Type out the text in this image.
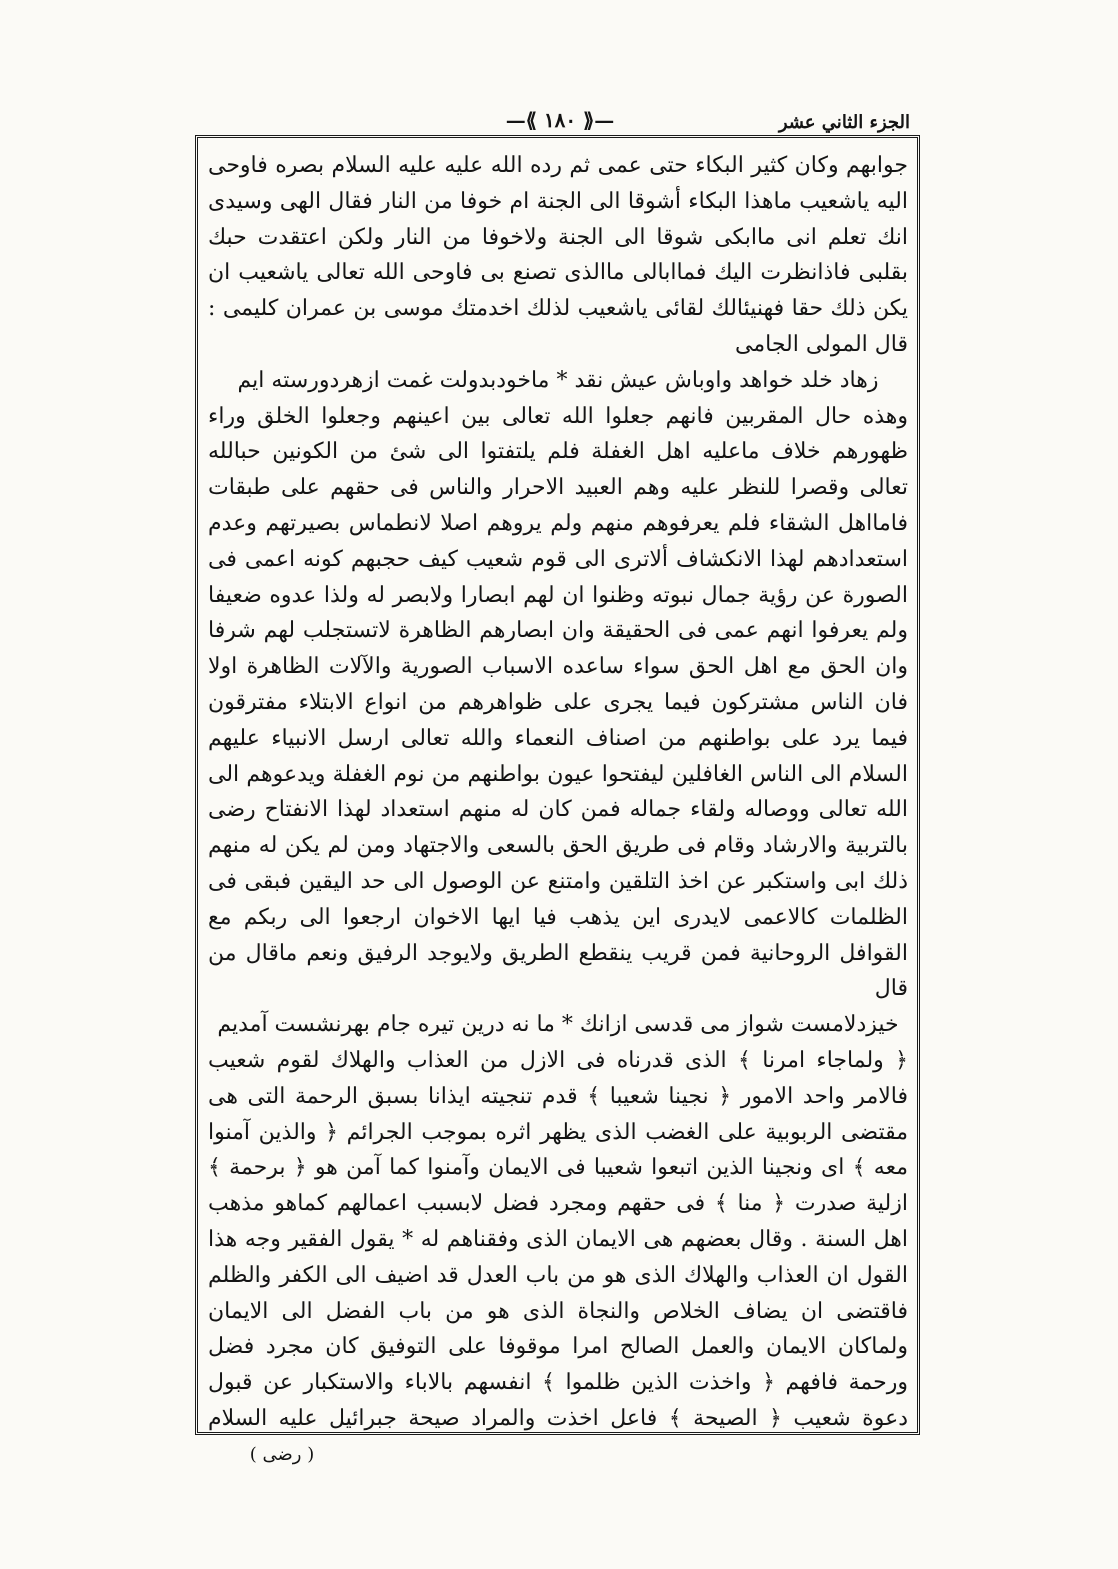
الجزء الثاني عشر
—⟪ ١٨٠ ⟫—

جوابهم وكان كثير البكاء حتى عمى ثم رده الله عليه عليه السلام بصره فاوحى اليه ياشعيب ماهذا البكاء أشوقا الى الجنة ام خوفا من النار فقال الهى وسيدى انك تعلم انى ماابكى شوقا الى الجنة ولاخوفا من النار ولكن اعتقدت حبك بقلبى فاذانظرت اليك فماابالى ماالذى تصنع بى فاوحى الله تعالى ياشعيب ان يكن ذلك حقا فهنيئالك لقائى ياشعيب لذلك اخدمتك موسى بن عمران كليمى : قال المولى الجامى

زهاد خلد خواهد واوباش عيش نقد * ماخودبدولت غمت ازهردورسته ايم

وهذه حال المقربين فانهم جعلوا الله تعالى بين اعينهم وجعلوا الخلق وراء ظهورهم خلاف ماعليه اهل الغفلة فلم يلتفتوا الى شئ من الكونين حبالله تعالى وقصرا للنظر عليه وهم العبيد الاحرار والناس فى حقهم على طبقات فامااهل الشقاء فلم يعرفوهم منهم ولم يروهم اصلا لانطماس بصيرتهم وعدم استعدادهم لهذا الانكشاف ألاترى الى قوم شعيب كيف حجبهم كونه اعمى فى الصورة عن رؤية جمال نبوته وظنوا ان لهم ابصارا ولابصر له ولذا عدوه ضعيفا ولم يعرفوا انهم عمى فى الحقيقة وان ابصارهم الظاهرة لاتستجلب لهم شرفا وان الحق مع اهل الحق سواء ساعده الاسباب الصورية والآلات الظاهرة اولا فان الناس مشتركون فيما يجرى على ظواهرهم من انواع الابتلاء مفترقون فيما يرد على بواطنهم من اصناف النعماء والله تعالى ارسل الانبياء عليهم السلام الى الناس الغافلين ليفتحوا عيون بواطنهم من نوم الغفلة ويدعوهم الى الله تعالى ووصاله ولقاء جماله فمن كان له منهم استعداد لهذا الانفتاح رضى بالتربية والارشاد وقام فى طريق الحق بالسعى والاجتهاد ومن لم يكن له منهم ذلك ابى واستكبر عن اخذ التلقين وامتنع عن الوصول الى حد اليقين فبقى فى الظلمات كالاعمى لايدرى اين يذهب فيا ايها الاخوان ارجعوا الى ربكم مع القوافل الروحانية فمن قريب ينقطع الطريق ولايوجد الرفيق ونعم ماقال من قال

خيزدلامست شواز مى قدسى ازانك * ما نه درين تيره جام بهرنشست آمديم

﴿ ولماجاء امرنا ﴾ الذى قدرناه فى الازل من العذاب والهلاك لقوم شعيب فالامر واحد الامور ﴿ نجينا شعيبا ﴾ قدم تنجيته ايذانا بسبق الرحمة التى هى مقتضى الربوبية على الغضب الذى يظهر اثره بموجب الجرائم ﴿ والذين آمنوا معه ﴾ اى ونجينا الذين اتبعوا شعيبا فى الايمان وآمنوا كما آمن هو ﴿ برحمة ﴾ ازلية صدرت ﴿ منا ﴾ فى حقهم ومجرد فضل لابسبب اعمالهم كماهو مذهب اهل السنة . وقال بعضهم هى الايمان الذى وفقناهم له * يقول الفقير وجه هذا القول ان العذاب والهلاك الذى هو من باب العدل قد اضيف الى الكفر والظلم فاقتضى ان يضاف الخلاص والنجاة الذى هو من باب الفضل الى الايمان ولماكان الايمان والعمل الصالح امرا موقوفا على التوفيق كان مجرد فضل ورحمة فافهم ﴿ واخذت الذين ظلموا ﴾ انفسهم بالاباء والاستكبار عن قبول دعوة شعيب ﴿ الصيحة ﴾ فاعل اخذت والمراد صيحة جبرائيل عليه السلام

( رضى )
